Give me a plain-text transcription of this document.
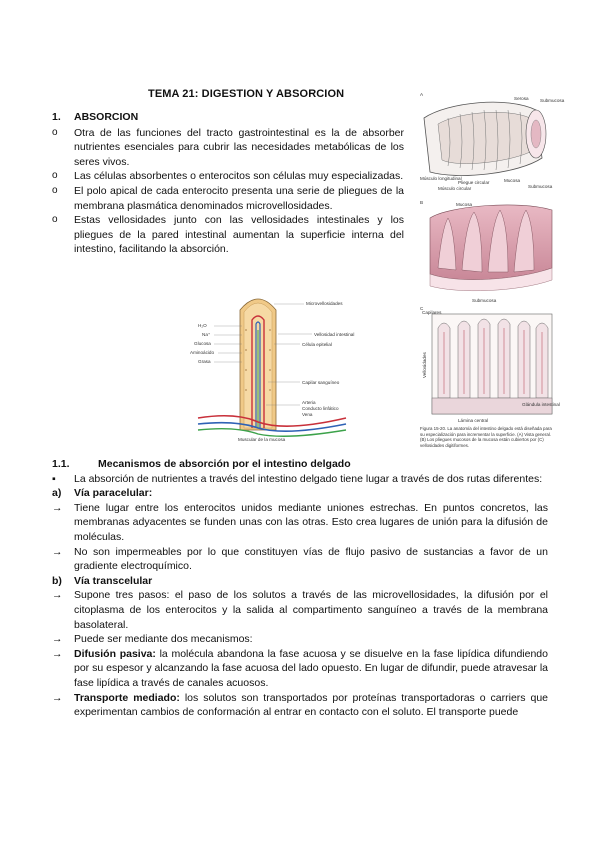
TEMA 21: DIGESTION Y ABSORCION
1.	ABSORCION
o	Otra de las funciones del tracto gastrointestinal es la de absorber nutrientes esenciales para cubrir las necesidades metabólicas de los seres vivos.
o	Las células absorbentes o enterocitos son células muy especializadas.
o	El polo apical de cada enterocito presenta una serie de pliegues de la membrana plasmática denominados microvellosidades.
o	Estas vellosidades junto con las vellosidades intestinales y los pliegues de la pared intestinal aumentan la superficie interna del intestino, facilitando la absorción.
A
Serosa Submucosa
Músculo longitudinal
Pliegue circular
Músculo circular
Mucosa
Submucosa
B	Mucosa
Submucosa
C
Capilares
Vellosidades
Lámina central
Glándula intestinal
Figura 15-20. La anatomía del intestino delgado está diseñada para su especialización para incrementar la superficie. (A) Vista general. (B) Los pliegues mucosos de la mucosa están cubiertos por (C) vellosidades digitiformes.
H₂O
Na⁺
Glucosa
Aminoácido
Grasa
Microvellosidades
Célula epitelial
Vellosidad intestinal
Capilar sanguíneo
Arteria
Conducto linfático
Vena
Muscular de la mucosa
1.1.	Mecanismos de absorción por el intestino delgado
▪	La absorción de nutrientes a través del intestino delgado tiene lugar a través de dos rutas diferentes:
a)	Vía paracelular:
→	Tiene lugar entre los enterocitos unidos mediante uniones estrechas. En puntos concretos, las membranas adyacentes se funden unas con las otras. Esto crea lugares de unión para la difusión de moléculas.
→	No son impermeables por lo que constituyen vías de flujo pasivo de sustancias a favor de un gradiente electroquímico.
b)	Vía transcelular
→	Supone tres pasos: el paso de los solutos a través de las microvellosidades, la difusión por el citoplasma de los enterocitos y la salida al compartimento sanguíneo a través de la membrana basolateral.
→	Puede ser mediante dos mecanismos:
→	Difusión pasiva: la molécula abandona la fase acuosa y se disuelve en la fase lipídica difundiendo por su espesor y alcanzando la fase acuosa del lado opuesto. En lugar de difundir, puede atravesar la fase lipídica a través de canales acuosos.
→	Transporte mediado: los solutos son transportados por proteínas transportadoras o carriers que experimentan cambios de conformación al entrar en contacto con el soluto. El transporte puede
